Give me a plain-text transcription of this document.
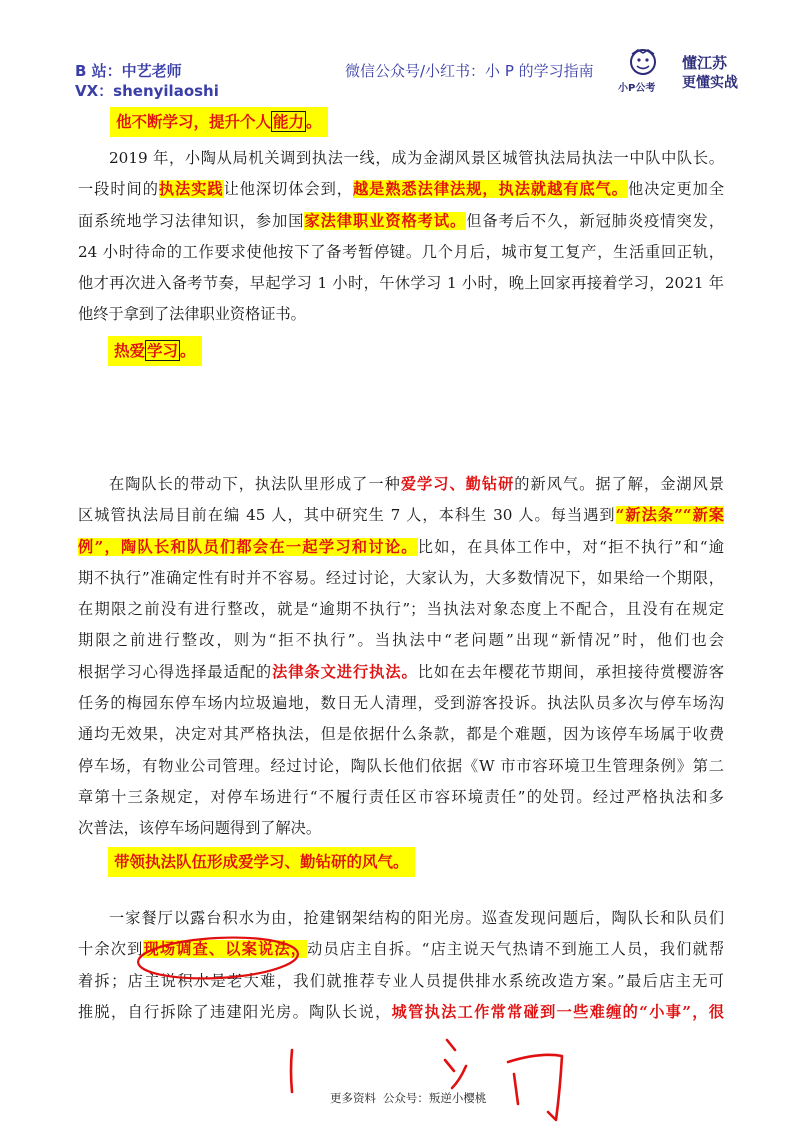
B 站：中艺老师
VX：shenyilaoshi
微信公众号/小红书：小 P 的学习指南
小P公考
懂江苏
更懂实战
他不断学习，提升个人 能力 。
2019 年，小陶从局机关调到执法一线，成为金湖风景区城管执法局执法一中队中队长。
一段时间的执法实践让他深切体会到，越是熟悉法律法规，执法就越有底气。他决定更加全
面系统地学习法律知识，参加国家法律职业资格考试。但备考后不久，新冠肺炎疫情突发，
24 小时待命的工作要求使他按下了备考暂停键。几个月后，城市复工复产，生活重回正轨，
他才再次进入备考节奏，早起学习 1 小时，午休学习 1 小时，晚上回家再接着学习，2021 年
他终于拿到了法律职业资格证书。
热爱 学习 。
在陶队长的带动下，执法队里形成了一种爱学习、勤钻研的新风气。据了解，金湖风景
区城管执法局目前在编 45 人，其中研究生 7 人，本科生 30 人。每当遇到“新法条”“新案
例”，陶队长和队员们都会在一起学习和讨论。比如，在具体工作中，对“拒不执行”和“逾
期不执行”准确定性有时并不容易。经过讨论，大家认为，大多数情况下，如果给一个期限，
在期限之前没有进行整改，就是“逾期不执行”；当执法对象态度上不配合，且没有在规定
期限之前进行整改，则为“拒不执行”。当执法中“老问题”出现“新情况”时，他们也会
根据学习心得选择最适配的法律条文进行执法。比如在去年樱花节期间，承担接待赏樱游客
任务的梅园东停车场内垃圾遍地，数日无人清理，受到游客投诉。执法队员多次与停车场沟
通均无效果，决定对其严格执法，但是依据什么条款，都是个难题，因为该停车场属于收费
停车场，有物业公司管理。经过讨论，陶队长他们依据《W 市市容环境卫生管理条例》第二
章第十三条规定，对停车场进行“不履行责任区市容环境责任”的处罚。经过严格执法和多
次普法，该停车场问题得到了解决。
带领执法队伍形成爱学习、勤钻研的风气。
一家餐厅以露台积水为由，抢建钢架结构的阳光房。巡查发现问题后，陶队长和队员们
十余次到现场调查、以案说法，动员店主自拆。“店主说天气热请不到施工人员，我们就帮
着拆；店主说积水是老大难，我们就推荐专业人员提供排水系统改造方案。”最后店主无可
推脱，自行拆除了违建阳光房。陶队长说，城管执法工作常常碰到一些难缠的“小事”，很
更多资料 公众号：叛逆小樱桃
